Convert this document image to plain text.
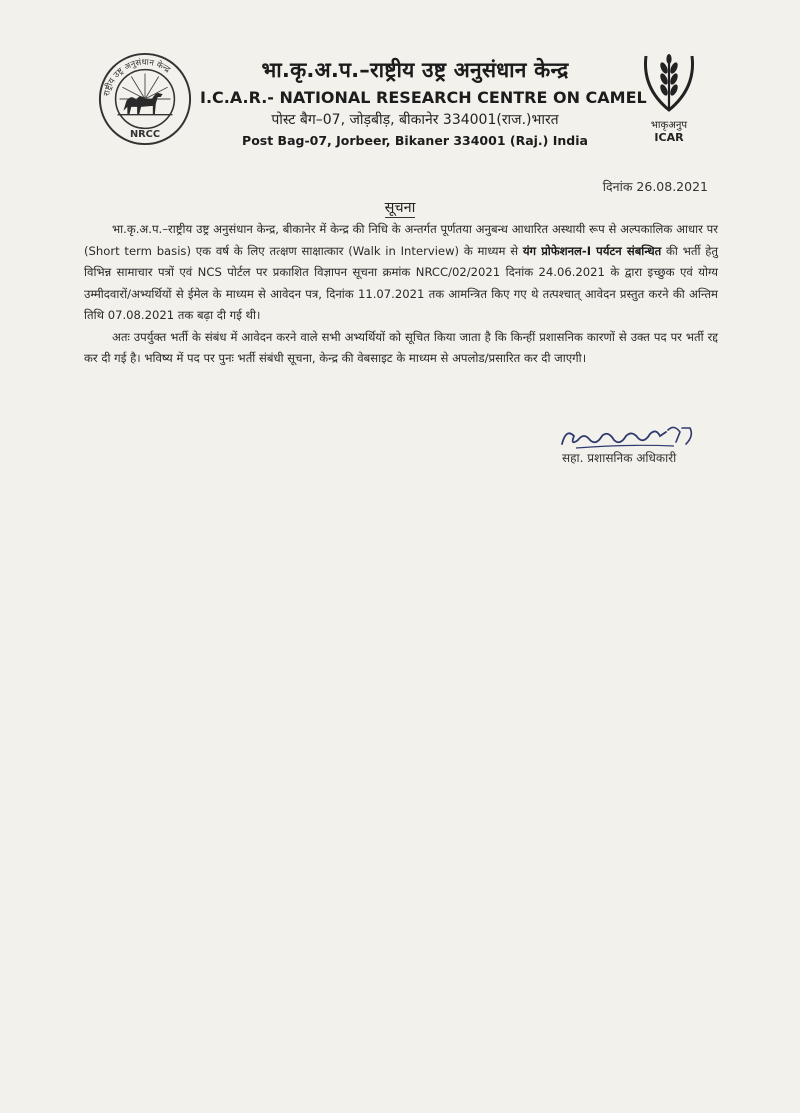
राष्ट्रीय उष्ट्र अनुसंधान केन्द्र
NRCC
भा.कृ.अ.प.–राष्ट्रीय उष्ट्र अनुसंधान केन्द्र
I.C.A.R.- NATIONAL RESEARCH CENTRE ON CAMEL
पोस्ट बैग–07, जोड़बीड़, बीकानेर 334001(राज.)भारत
Post Bag-07, Jorbeer, Bikaner 334001 (Raj.) India
भाकृअनुप
ICAR
दिनांक 26.08.2021
सूचना

भा.कृ.अ.प.–राष्ट्रीय उष्ट्र अनुसंधान केन्द्र, बीकानेर में केन्द्र की निधि के अन्तर्गत पूर्णतया अनुबन्ध आधारित अस्थायी रूप से अल्पकालिक आधार पर (Short term basis) एक वर्ष के लिए तत्क्षण साक्षात्कार (Walk in Interview) के माध्यम से यंग प्रोफेशनल-I पर्यटन संबन्धित की भर्ती हेतु विभिन्न सामाचार पत्रों एवं NCS पोर्टल पर प्रकाशित विज्ञापन सूचना क्रमांक NRCC/02/2021 दिनांक 24.06.2021 के द्वारा इच्छुक एवं योग्य उम्मीदवारों/अभ्यर्थियों से ईमेल के माध्यम से आवेदन पत्र, दिनांक 11.07.2021 तक आमन्त्रित किए गए थे तत्पश्चात् आवेदन प्रस्तुत करने की अन्तिम तिथि 07.08.2021 तक बढ़ा दी गई थी।

अतः उपर्युक्त भर्ती के संबंध में आवेदन करने वाले सभी अभ्यर्थियों को सूचित किया जाता है कि किन्हीं प्रशासनिक कारणों से उक्त पद पर भर्ती रद्द कर दी गई है। भविष्य में पद पर पुनः भर्ती संबंधी सूचना, केन्द्र की वेबसाइट के माध्यम से अपलोड/प्रसारित कर दी जाएगी।

सहा. प्रशासनिक अधिकारी
